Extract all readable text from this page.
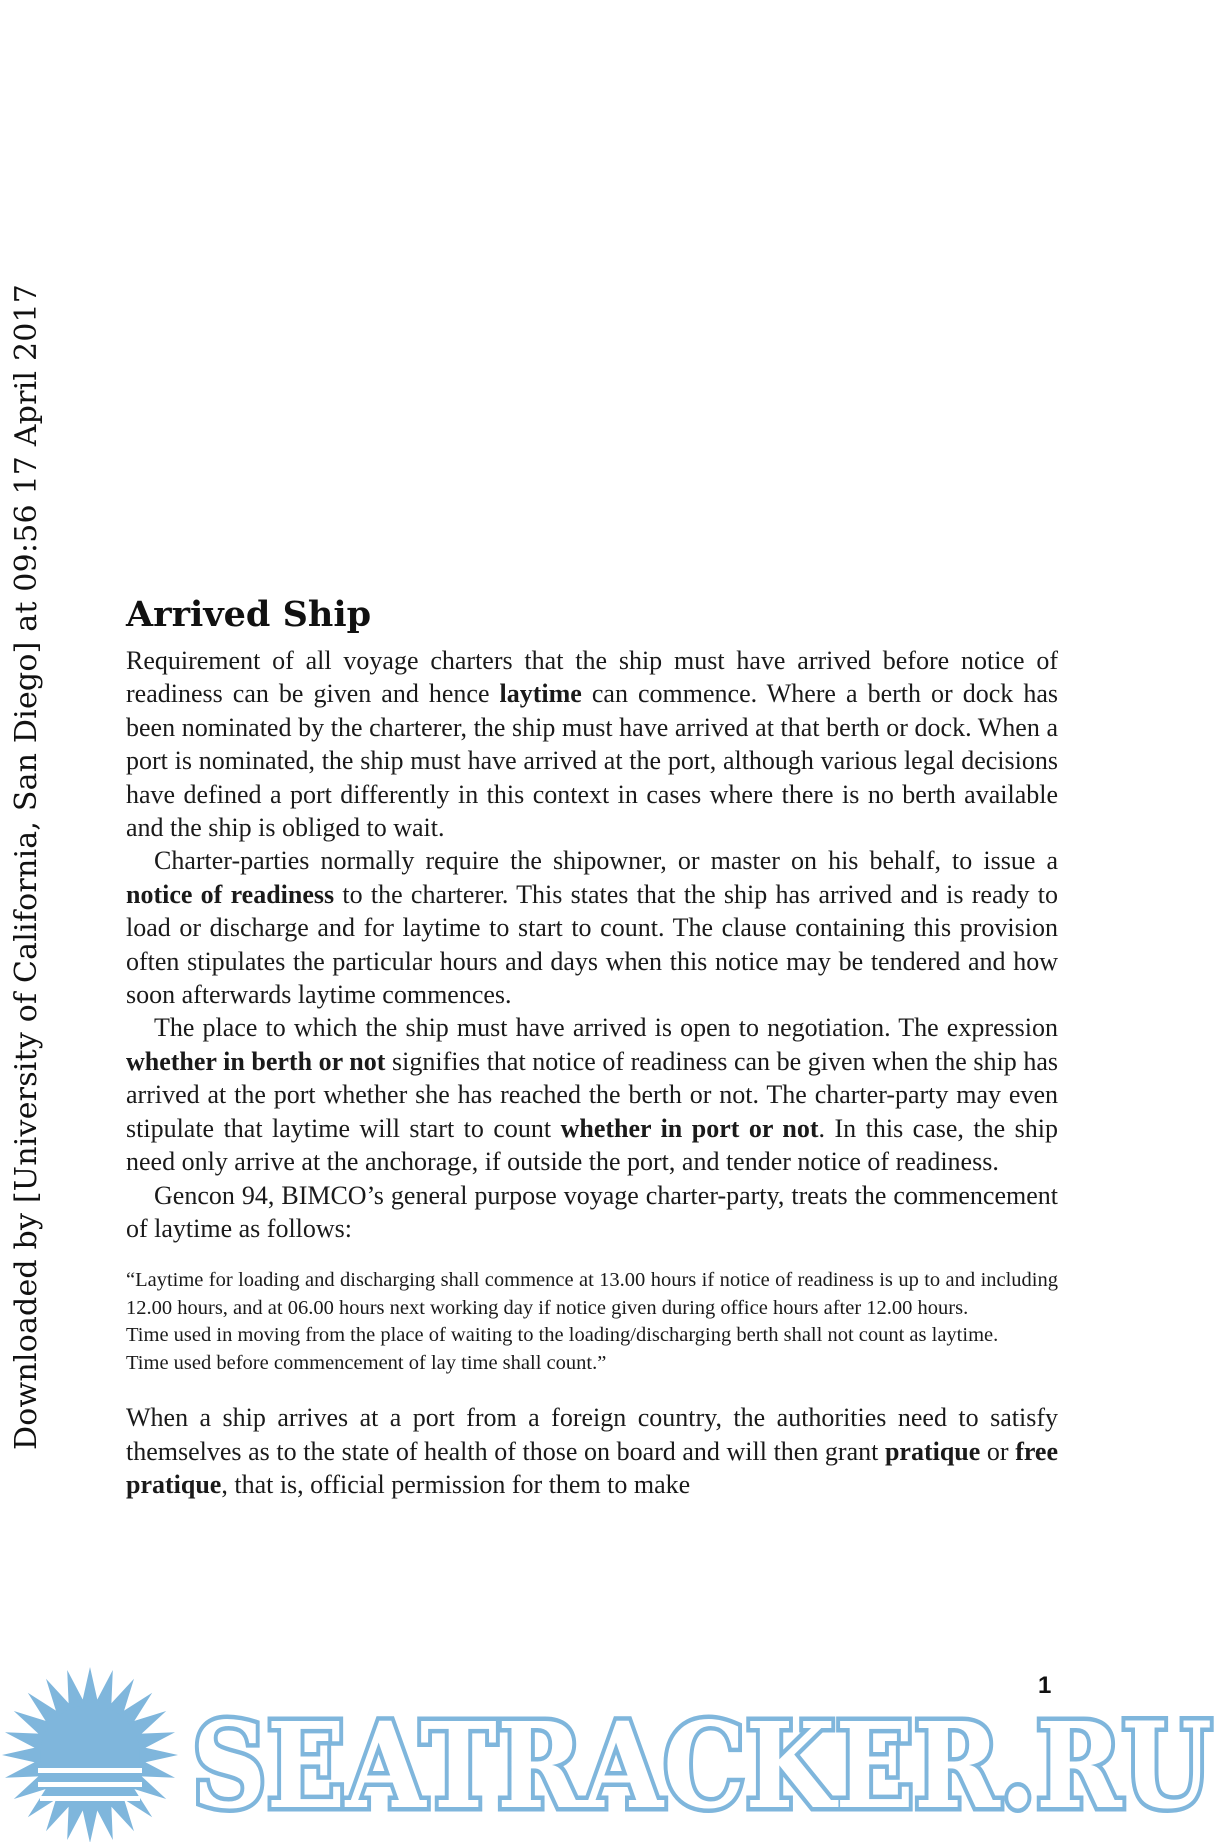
Downloaded by [University of California, San Diego] at 09:56 17 April 2017 Arrived Ship

Requirement of all voyage charters that the ship must have arrived before notice of readiness can be given and hence laytime can commence. Where a berth or dock has been nominated by the charterer, the ship must have arrived at that berth or dock. When a port is nominated, the ship must have arrived at the port, although various legal decisions have defined a port differently in this context in cases where there is no berth available and the ship is obliged to wait.

Charter-parties normally require the shipowner, or master on his behalf, to issue a notice of readiness to the charterer. This states that the ship has arrived and is ready to load or discharge and for laytime to start to count. The clause containing this provision often stipulates the particular hours and days when this notice may be tendered and how soon afterwards laytime commences.

The place to which the ship must have arrived is open to negotiation. The expression whether in berth or not signifies that notice of readiness can be given when the ship has arrived at the port whether she has reached the berth or not. The charter-party may even stipulate that laytime will start to count whether in port or not. In this case, the ship need only arrive at the anchorage, if outside the port, and tender notice of readiness.

Gencon 94, BIMCO’s general purpose voyage charter-party, treats the commencement of laytime as follows:

“Laytime for loading and discharging shall commence at 13.00 hours if notice of readiness is up to and including 12.00 hours, and at 06.00 hours next working day if notice given during office hours after 12.00 hours.

Time used in moving from the place of waiting to the loading/discharging berth shall not count as laytime.

Time used before commencement of lay time shall count.”

When a ship arrives at a port from a foreign country, the authorities need to satisfy themselves as to the state of health of those on board and will then grant pratique or free pratique, that is, official permission for them to make

1
SEATRACKER.RU
